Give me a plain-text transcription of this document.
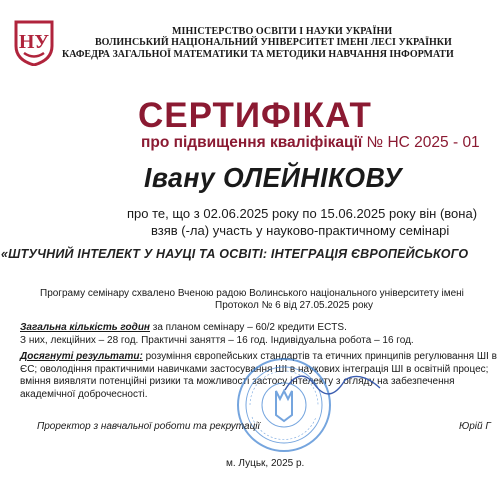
НУ	МІНІСТЕРСТВО ОСВІТИ І НАУКИ УКРАЇНИ
ВОЛИНСЬКИЙ НАЦІОНАЛЬНИЙ УНІВЕРСИТЕТ ІМЕНІ ЛЕСІ УКРАЇНКИ
КАФЕДРА ЗАГАЛЬНОЇ МАТЕМАТИКИ ТА МЕТОДИКИ НАВЧАННЯ ІНФОРМАТИ
СЕРТИФІКАТ
про підвищення кваліфікації № НС 2025 - 01
Івану ОЛЕЙНІКОВУ
про те, що з 02.06.2025 року по 15.06.2025 року він (вона)
взяв (-ла) участь у науково-практичному семінарі
«ШТУЧНИЙ ІНТЕЛЕКТ У НАУЦІ ТА ОСВІТІ: ІНТЕГРАЦІЯ ЄВРОПЕЙСЬКОГО
Програму семінару схвалено Вченою радою Волинського національного університету імені
Протокол № 6 від 27.05.2025 року
Загальна кількість годин за планом семінару – 60/2 кредити ECTS.
З них, лекційних – 28 год. Практичні заняття – 16 год. Індивідуальна робота – 16 год.
Досягнуті результати: розуміння європейських стандартів та етичних принципів регулювання ШІ в ЄС; оволодіння практичними навичками застосування ШІ в наукових інтеграція ШІ в освітній процес; вміння виявляти потенційні ризики та можливості застосу інтелекту з огляду на забезпечення академічної доброчесності.
Проректор з навчальної роботи та рекрутації	Юрій Г
м. Луцьк, 2025 р.
